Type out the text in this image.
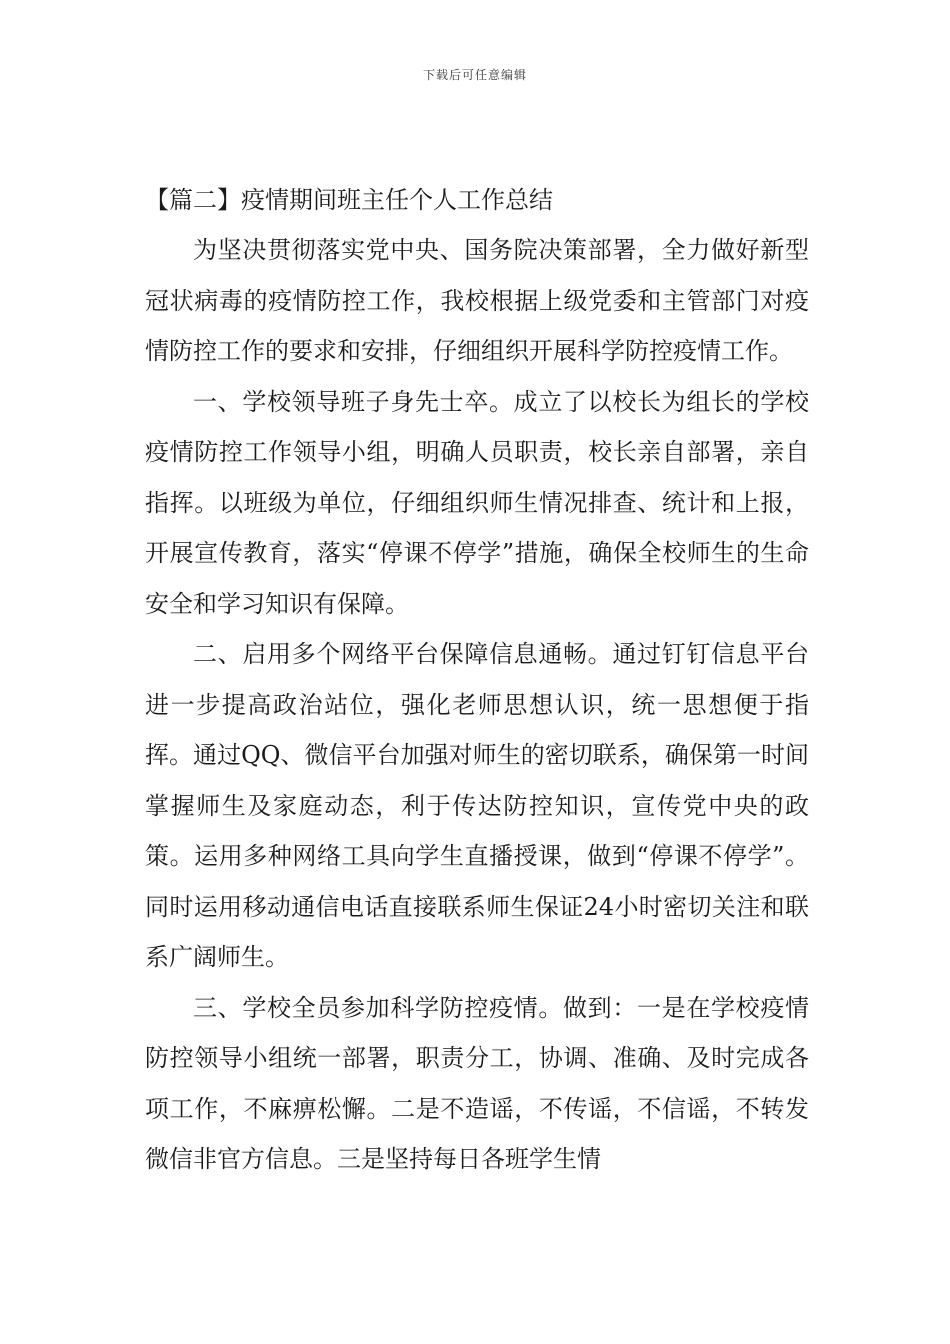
下载后可任意编辑
【篇二】疫情期间班主任个人工作总结

为坚决贯彻落实党中央、国务院决策部署，全力做好新型冠状病毒的疫情防控工作，我校根据上级党委和主管部门对疫情防控工作的要求和安排，仔细组织开展科学防控疫情工作。

一、学校领导班子身先士卒。成立了以校长为组长的学校疫情防控工作领导小组，明确人员职责，校长亲自部署，亲自指挥。以班级为单位，仔细组织师生情况排查、统计和上报，开展宣传教育，落实“停课不停学”措施，确保全校师生的生命安全和学习知识有保障。

二、启用多个网络平台保障信息通畅。通过钉钉信息平台进一步提高政治站位，强化老师思想认识，统一思想便于指挥。通过QQ、微信平台加强对师生的密切联系，确保第一时间掌握师生及家庭动态，利于传达防控知识，宣传党中央的政策。运用多种网络工具向学生直播授课，做到“停课不停学”。同时运用移动通信电话直接联系师生保证24小时密切关注和联系广阔师生。

三、学校全员参加科学防控疫情。做到：一是在学校疫情防控领导小组统一部署，职责分工，协调、准确、及时完成各项工作，不麻痹松懈。二是不造谣，不传谣，不信谣，不转发微信非官方信息。三是坚持每日各班学生情
